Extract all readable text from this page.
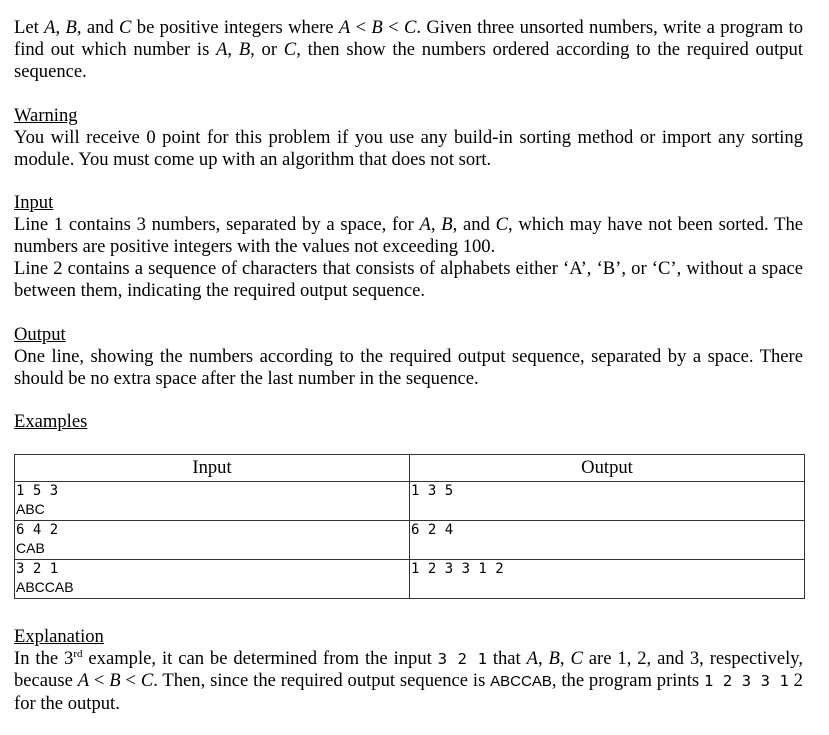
Let A, B, and C be positive integers where A < B < C. Given three unsorted numbers, write a program to find out which number is A, B, or C, then show the numbers ordered according to the required output sequence.

Warning

You will receive 0 point for this problem if you use any build-in sorting method or import any sorting module. You must come up with an algorithm that does not sort.

Input

Line 1 contains 3 numbers, separated by a space, for A, B, and C, which may have not been sorted. The numbers are positive integers with the values not exceeding 100.

Line 2 contains a sequence of characters that consists of alphabets either ‘A’, ‘B’, or ‘C’, without a space between them, indicating the required output sequence.

Output

One line, showing the numbers according to the required output sequence, separated by a space. There should be no extra space after the last number in the sequence.

Examples

Input	Output

1 5 3
ABC	1 3 5

6 4 2
CAB	6 2 4

3 2 1
ABCCAB	1 2 3 3 1 2

Explanation

In the 3rd example, it can be determined from the input 3 2 1 that A, B, C are 1, 2, and 3, respectively, because A < B < C. Then, since the required output sequence is ABCCAB, the program prints 1 2 3 3 1 2 for the output.
